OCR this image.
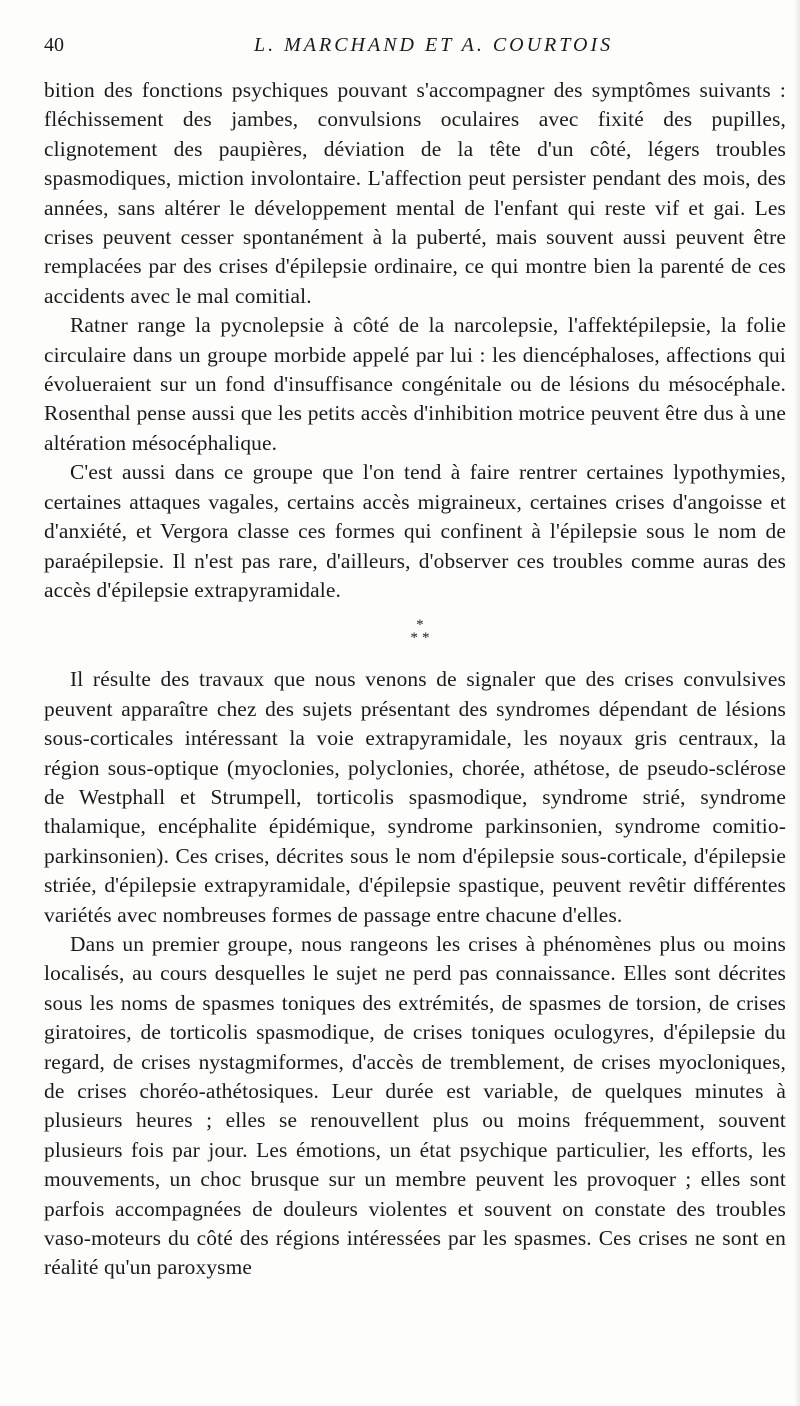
40	L. MARCHAND ET A. COURTOIS

bition des fonctions psychiques pouvant s'accompagner des symptômes suivants : fléchissement des jambes, convulsions oculaires avec fixité des pupilles, clignotement des paupières, déviation de la tête d'un côté, légers troubles spasmodiques, miction involontaire. L'affection peut persister pendant des mois, des années, sans altérer le développement mental de l'enfant qui reste vif et gai. Les crises peuvent cesser spontanément à la puberté, mais souvent aussi peuvent être remplacées par des crises d'épilepsie ordinaire, ce qui montre bien la parenté de ces accidents avec le mal comitial.

Ratner range la pycnolepsie à côté de la narcolepsie, l'affektépilepsie, la folie circulaire dans un groupe morbide appelé par lui : les diencéphaloses, affections qui évolueraient sur un fond d'insuffisance congénitale ou de lésions du mésocéphale. Rosenthal pense aussi que les petits accès d'inhibition motrice peuvent être dus à une altération mésocéphalique.

C'est aussi dans ce groupe que l'on tend à faire rentrer certaines lypothymies, certaines attaques vagales, certains accès migraineux, certaines crises d'angoisse et d'anxiété, et Vergora classe ces formes qui confinent à l'épilepsie sous le nom de paraépilepsie. Il n'est pas rare, d'ailleurs, d'observer ces troubles comme auras des accès d'épilepsie extrapyramidale.

*
* *

Il résulte des travaux que nous venons de signaler que des crises convulsives peuvent apparaître chez des sujets présentant des syndromes dépendant de lésions sous-corticales intéressant la voie extrapyramidale, les noyaux gris centraux, la région sous-optique (myoclonies, polyclonies, chorée, athétose, de pseudo-sclérose de Westphall et Strumpell, torticolis spasmodique, syndrome strié, syndrome thalamique, encéphalite épidémique, syndrome parkinsonien, syndrome comitio-parkinsonien). Ces crises, décrites sous le nom d'épilepsie sous-corticale, d'épilepsie striée, d'épilepsie extrapyramidale, d'épilepsie spastique, peuvent revêtir différentes variétés avec nombreuses formes de passage entre chacune d'elles.

Dans un premier groupe, nous rangeons les crises à phénomènes plus ou moins localisés, au cours desquelles le sujet ne perd pas connaissance. Elles sont décrites sous les noms de spasmes toniques des extrémités, de spasmes de torsion, de crises giratoires, de torticolis spasmodique, de crises toniques oculogyres, d'épilepsie du regard, de crises nystagmiformes, d'accès de tremblement, de crises myocloniques, de crises choréo-athétosiques. Leur durée est variable, de quelques minutes à plusieurs heures ; elles se renouvellent plus ou moins fréquemment, souvent plusieurs fois par jour. Les émotions, un état psychique particulier, les efforts, les mouvements, un choc brusque sur un membre peuvent les provoquer ; elles sont parfois accompagnées de douleurs violentes et souvent on constate des troubles vaso-moteurs du côté des régions intéressées par les spasmes. Ces crises ne sont en réalité qu'un paroxysme
